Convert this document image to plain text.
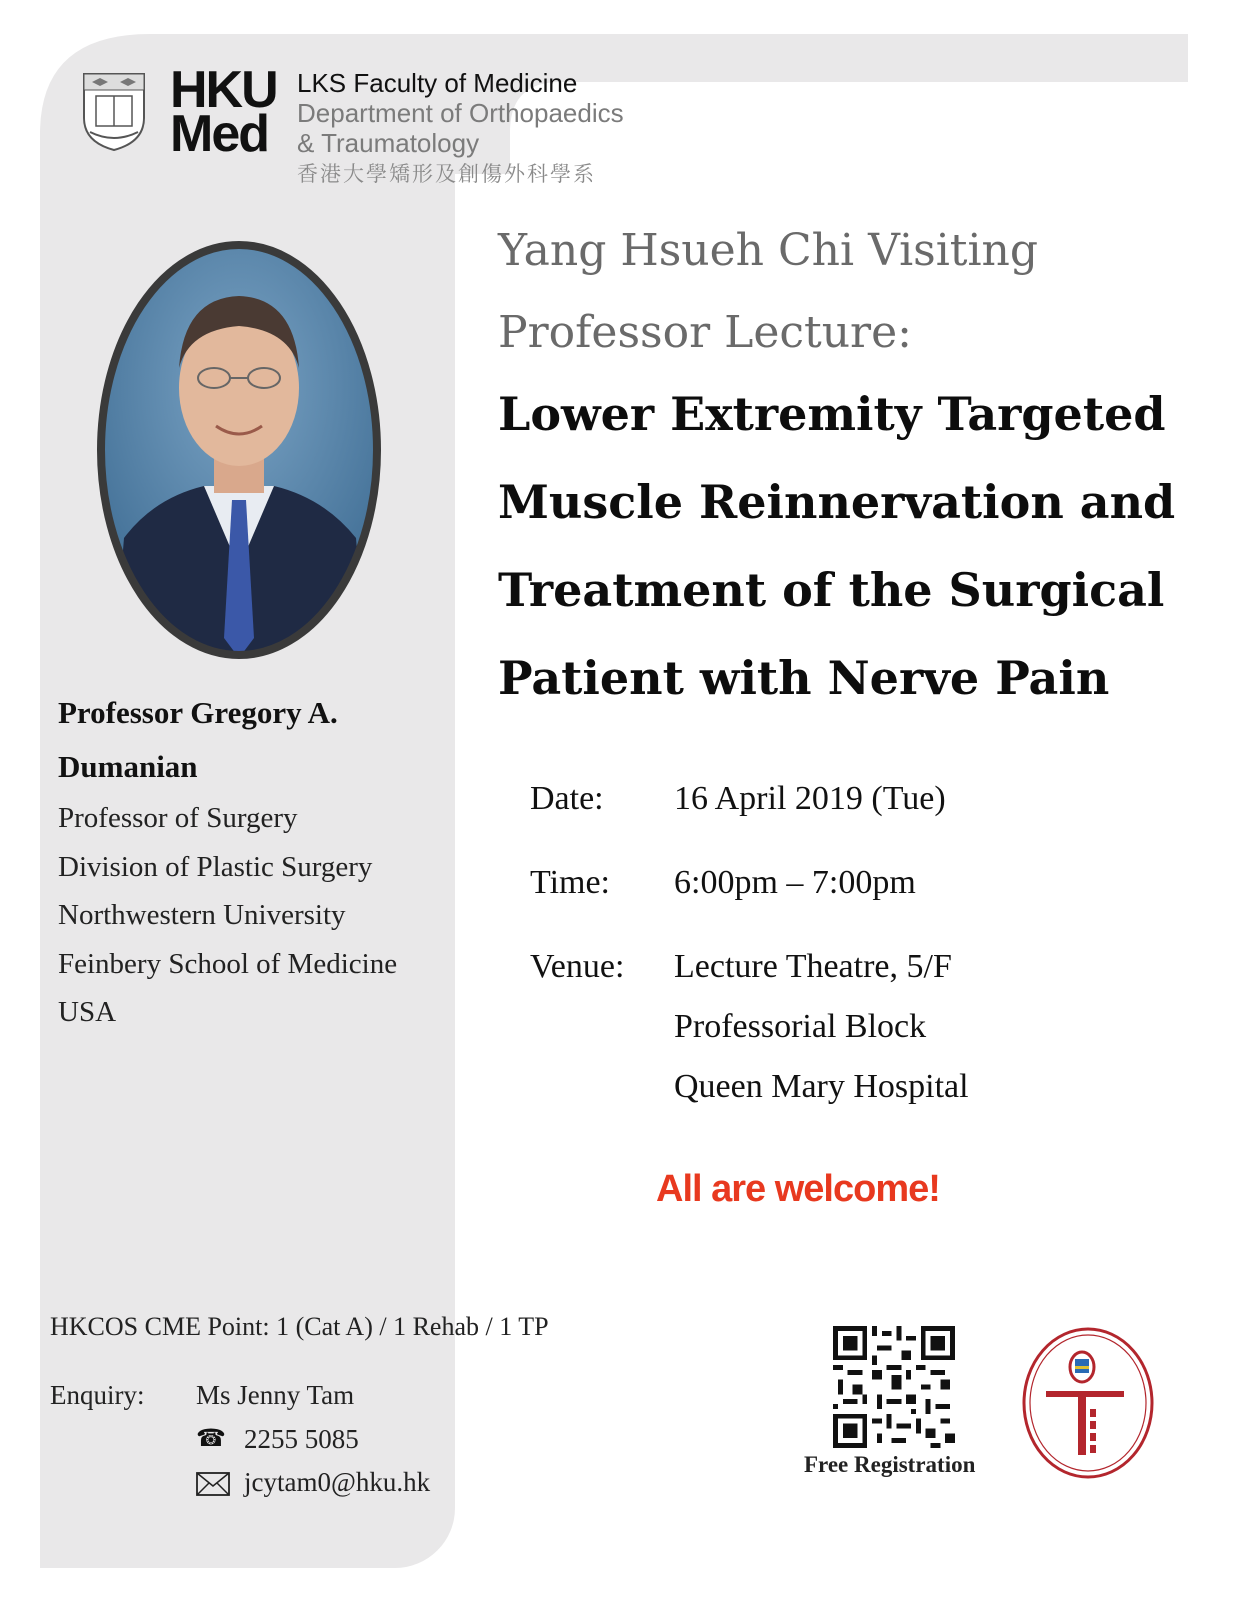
HKU
Med
LKS Faculty of Medicine
Department of Orthopaedics
& Traumatology
香港大學矯形及創傷外科學系
Professor Gregory A.
Dumanian
Professor of Surgery
Division of Plastic Surgery
Northwestern University
Feinbery School of Medicine
USA
Yang Hsueh Chi Visiting
Professor Lecture:
Lower Extremity Targeted
Muscle Reinnervation and
Treatment of the Surgical
Patient with Nerve Pain
Date: 16 April 2019 (Tue)
Time: 6:00pm – 7:00pm
Venue: Lecture Theatre, 5/F
Professorial Block
Queen Mary Hospital
All are welcome!
HKCOS CME Point: 1 (Cat A) / 1 Rehab / 1 TP
Enquiry: Ms Jenny Tam
☎ 2255 5085
jcytam0@hku.hk
Free Registration
